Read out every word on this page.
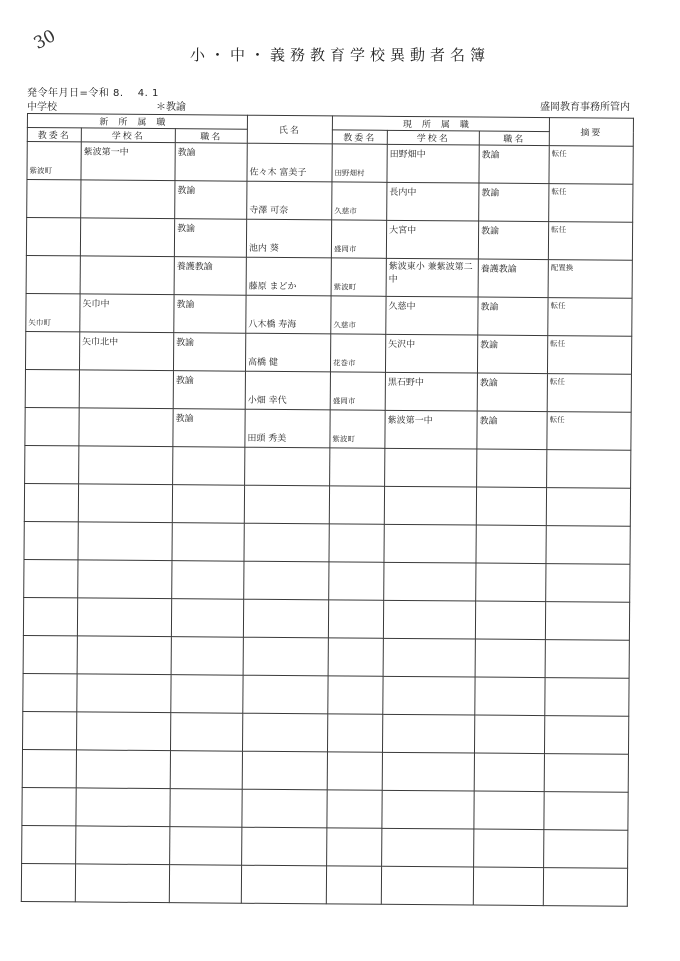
30
小・中・義務教育学校異動者名簿
発令年月日=令和 8.　 4. 1
中学校	＊教諭	盛岡教育事務所管内
新所属職			氏名	現所属職			摘要
教委名	学校名	職名		教委名	学校名	職名	

紫波町	紫波第一中	教諭	佐々木 富美子	田野畑村	田野畑中	教諭	転任

		教諭	寺澤 可奈	久慈市	長内中	教諭	転任

		教諭	池内 葵	盛岡市	大宮中	教諭	転任

		養護教諭	藤原 まどか	紫波町	紫波東小 兼紫波第二中	養護教諭	配置換

矢巾町	矢巾中	教諭	八木橋 寿海	久慈市	久慈中	教諭	転任

	矢巾北中	教諭	高橋 健	花巻市	矢沢中	教諭	転任

		教諭	小畑 幸代	盛岡市	黒石野中	教諭	転任

		教諭	田頭 秀美	紫波町	紫波第一中	教諭	転任
